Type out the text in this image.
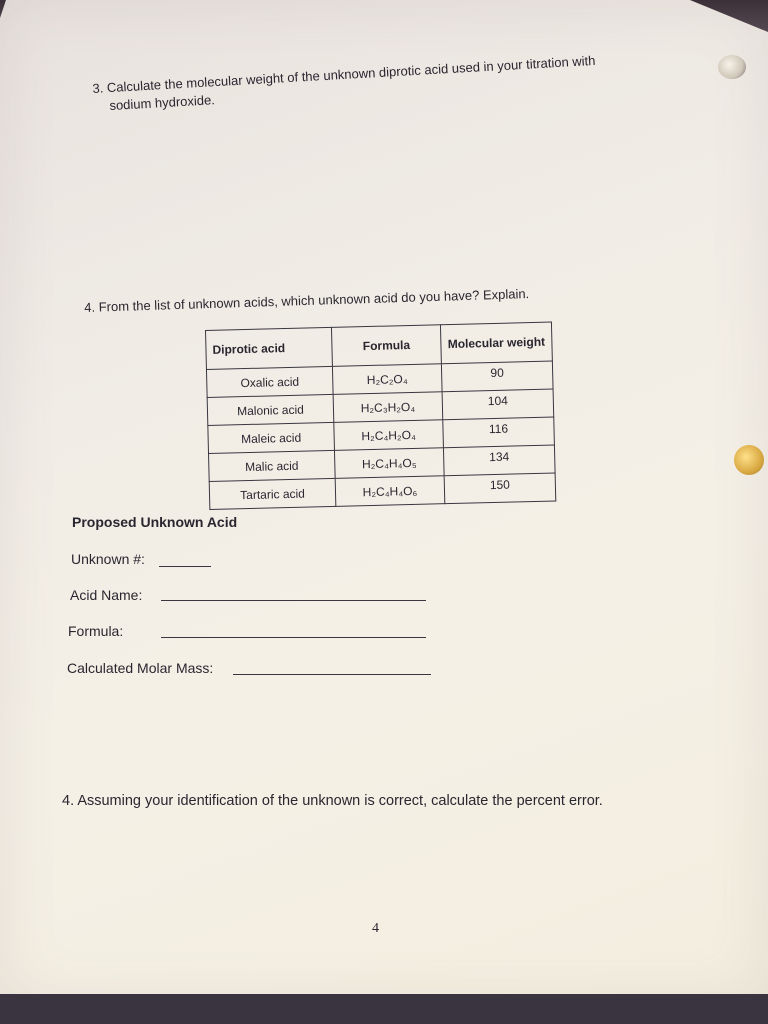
3. Calculate the molecular weight of the unknown diprotic acid used in your titration with
sodium hydroxide.
4. From the list of unknown acids, which unknown acid do you have? Explain.
Diprotic acid	Formula	Molecular weight
Oxalic acid	H₂C₂O₄	90
Malonic acid	H₂C₃H₂O₄	104
Maleic acid	H₂C₄H₂O₄	116
Malic acid	H₂C₄H₄O₅	134
Tartaric acid	H₂C₄H₄O₆	150
Proposed Unknown Acid
Unknown #:
Acid Name:
Formula:
Calculated Molar Mass:
4. Assuming your identification of the unknown is correct, calculate the percent error.
4
